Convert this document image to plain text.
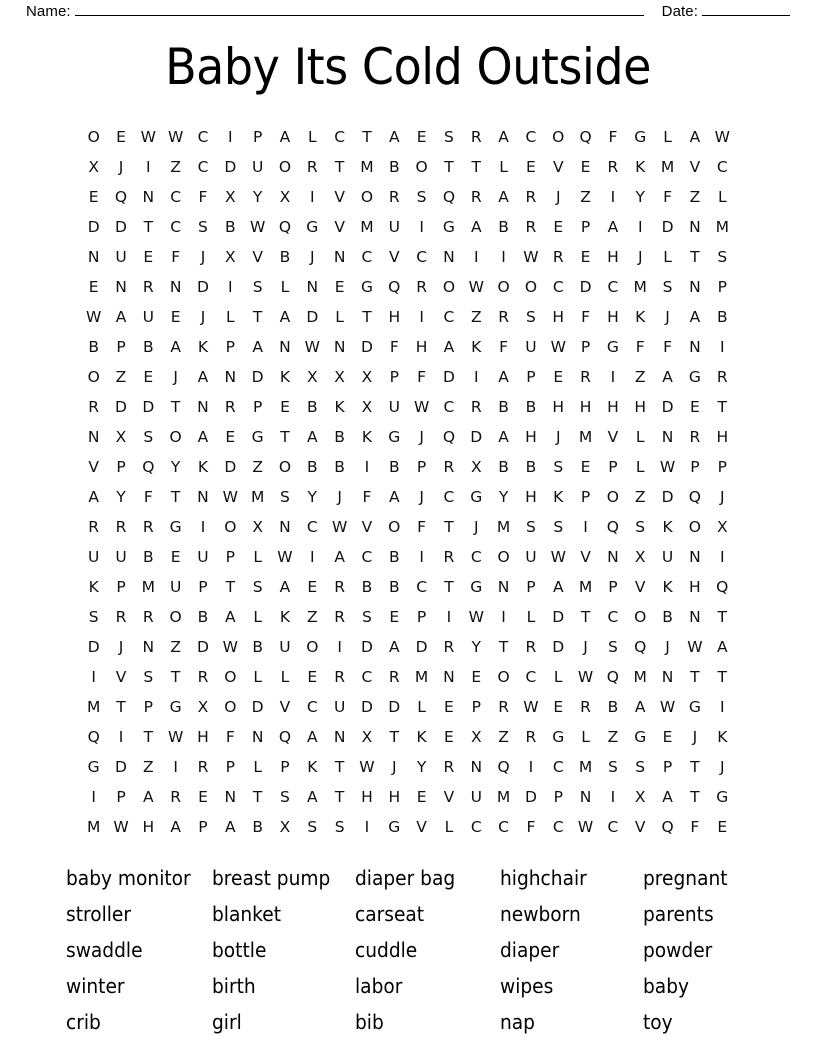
Name:	Date:
Baby Its Cold Outside
O	E	W	W	C	I	P	A	L	C	T	A	E	S	R	A	C	O	Q	F	G	L	A	W
X	J	I	Z	C	D	U	O	R	T	M	B	O	T	T	L	E	V	E	R	K	M	V	C
E	Q	N	C	F	X	Y	X	I	V	O	R	S	Q	R	A	R	J	Z	I	Y	F	Z	L
D	D	T	C	S	B	W	Q	G	V	M	U	I	G	A	B	R	E	P	A	I	D	N	M
N	U	E	F	J	X	V	B	J	N	C	V	C	N	I	I	W	R	E	H	J	L	T	S
E	N	R	N	D	I	S	L	N	E	G	Q	R	O	W	O	O	C	D	C	M	S	N	P
W	A	U	E	J	L	T	A	D	L	T	H	I	C	Z	R	S	H	F	H	K	J	A	B
B	P	B	A	K	P	A	N	W	N	D	F	H	A	K	F	U	W	P	G	F	F	N	I
O	Z	E	J	A	N	D	K	X	X	X	P	F	D	I	A	P	E	R	I	Z	A	G	R
R	D	D	T	N	R	P	E	B	K	X	U	W	C	R	B	B	H	H	H	H	D	E	T
N	X	S	O	A	E	G	T	A	B	K	G	J	Q	D	A	H	J	M	V	L	N	R	H
V	P	Q	Y	K	D	Z	O	B	B	I	B	P	R	X	B	B	S	E	P	L	W	P	P
A	Y	F	T	N	W	M	S	Y	J	F	A	J	C	G	Y	H	K	P	O	Z	D	Q	J
R	R	R	G	I	O	X	N	C	W	V	O	F	T	J	M	S	S	I	Q	S	K	O	X
U	U	B	E	U	P	L	W	I	A	C	B	I	R	C	O	U	W	V	N	X	U	N	I
K	P	M	U	P	T	S	A	E	R	B	B	C	T	G	N	P	A	M	P	V	K	H	Q
S	R	R	O	B	A	L	K	Z	R	S	E	P	I	W	I	L	D	T	C	O	B	N	T
D	J	N	Z	D	W	B	U	O	I	D	A	D	R	Y	T	R	D	J	S	Q	J	W	A
I	V	S	T	R	O	L	L	E	R	C	R	M	N	E	O	C	L	W	Q	M	N	T	T
M	T	P	G	X	O	D	V	C	U	D	D	L	E	P	R	W	E	R	B	A	W	G	I
Q	I	T	W	H	F	N	Q	A	N	X	T	K	E	X	Z	R	G	L	Z	G	E	J	K
G	D	Z	I	R	P	L	P	K	T	W	J	Y	R	N	Q	I	C	M	S	S	P	T	J
I	P	A	R	E	N	T	S	A	T	H	H	E	V	U	M	D	P	N	I	X	A	T	G
M	W	H	A	P	A	B	X	S	S	I	G	V	L	C	C	F	C	W	C	V	Q	F	E
baby monitor	breast pump	diaper bag	highchair	pregnant
stroller	blanket	carseat	newborn	parents
swaddle	bottle	cuddle	diaper	powder
winter	birth	labor	wipes	baby
crib	girl	bib	nap	toy
